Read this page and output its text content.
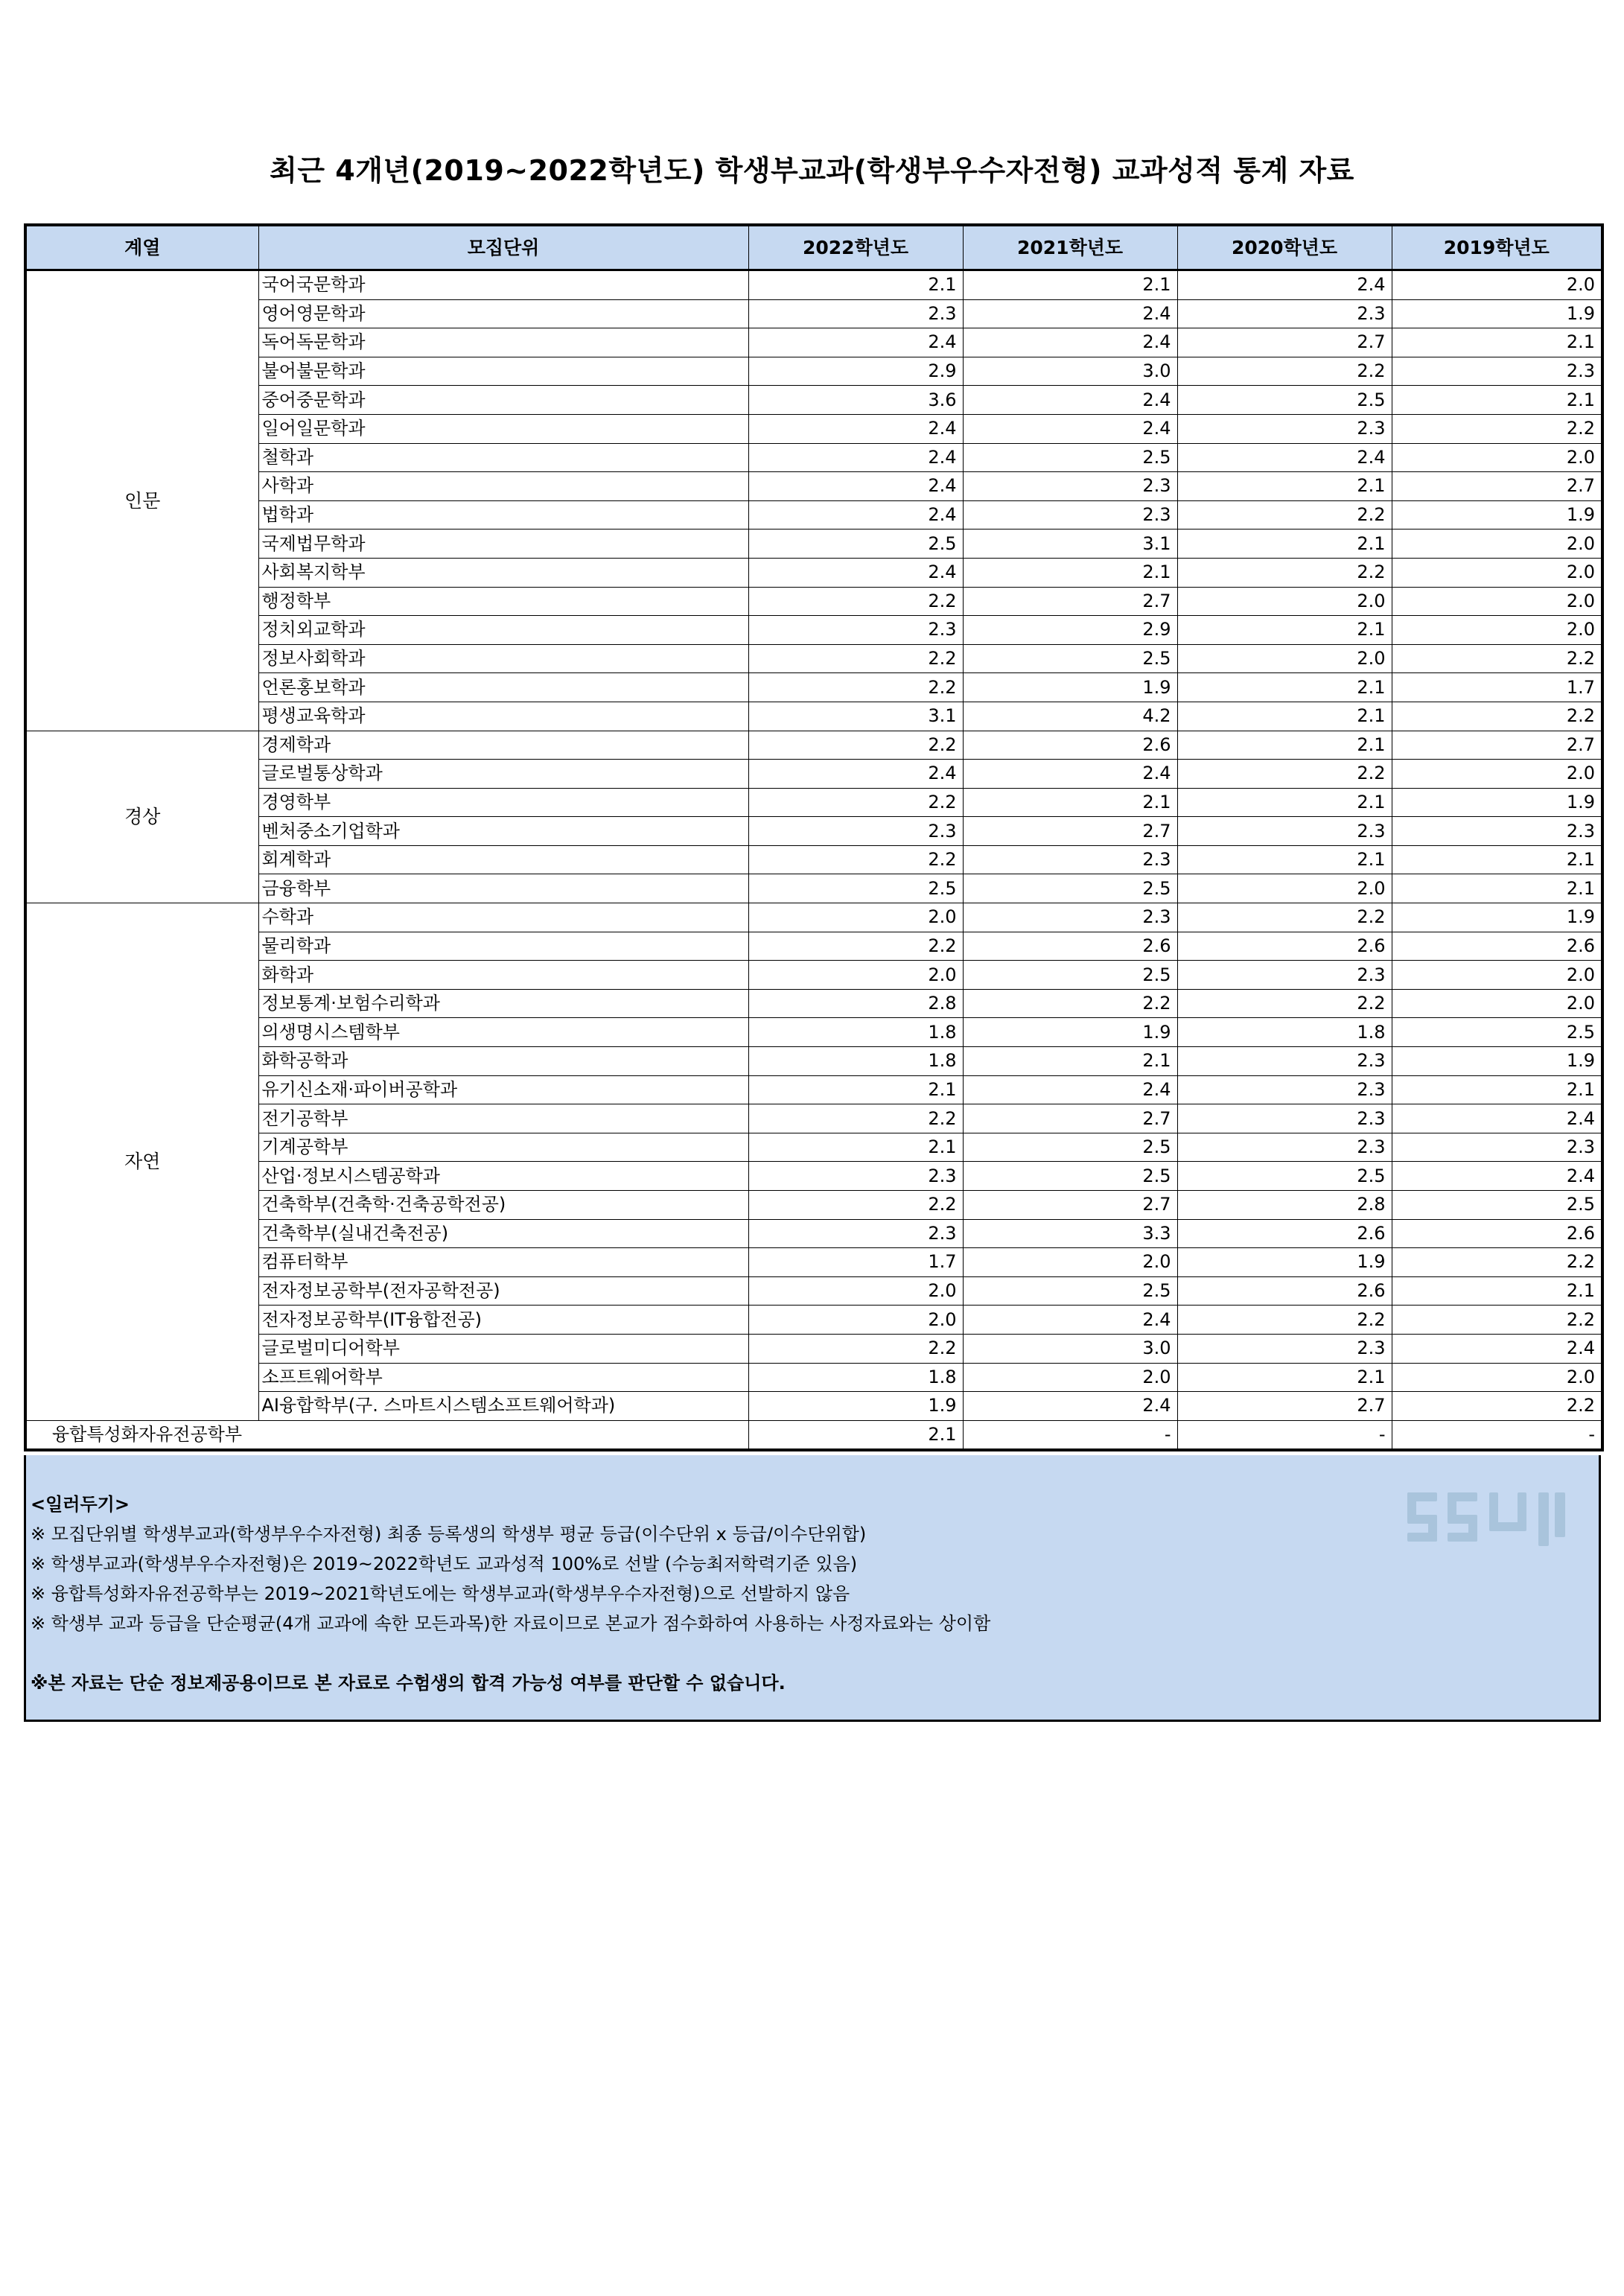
최근 4개년(2019~2022학년도) 학생부교과(학생부우수자전형) 교과성적 통계 자료
계열	모집단위	2022학년도	2021학년도	2020학년도	2019학년도
인문	국어국문학과	2.1	2.1	2.4	2.0
	영어영문학과	2.3	2.4	2.3	1.9
	독어독문학과	2.4	2.4	2.7	2.1
	불어불문학과	2.9	3.0	2.2	2.3
	중어중문학과	3.6	2.4	2.5	2.1
	일어일문학과	2.4	2.4	2.3	2.2
	철학과	2.4	2.5	2.4	2.0
	사학과	2.4	2.3	2.1	2.7
	법학과	2.4	2.3	2.2	1.9
	국제법무학과	2.5	3.1	2.1	2.0
	사회복지학부	2.4	2.1	2.2	2.0
	행정학부	2.2	2.7	2.0	2.0
	정치외교학과	2.3	2.9	2.1	2.0
	정보사회학과	2.2	2.5	2.0	2.2
	언론홍보학과	2.2	1.9	2.1	1.7
	평생교육학과	3.1	4.2	2.1	2.2
경상	경제학과	2.2	2.6	2.1	2.7
	글로벌통상학과	2.4	2.4	2.2	2.0
	경영학부	2.2	2.1	2.1	1.9
	벤처중소기업학과	2.3	2.7	2.3	2.3
	회계학과	2.2	2.3	2.1	2.1
	금융학부	2.5	2.5	2.0	2.1
자연	수학과	2.0	2.3	2.2	1.9
	물리학과	2.2	2.6	2.6	2.6
	화학과	2.0	2.5	2.3	2.0
	정보통계·보험수리학과	2.8	2.2	2.2	2.0
	의생명시스템학부	1.8	1.9	1.8	2.5
	화학공학과	1.8	2.1	2.3	1.9
	유기신소재·파이버공학과	2.1	2.4	2.3	2.1
	전기공학부	2.2	2.7	2.3	2.4
	기계공학부	2.1	2.5	2.3	2.3
	산업·정보시스템공학과	2.3	2.5	2.5	2.4
	건축학부(건축학·건축공학전공)	2.2	2.7	2.8	2.5
	건축학부(실내건축전공)	2.3	3.3	2.6	2.6
	컴퓨터학부	1.7	2.0	1.9	2.2
	전자정보공학부(전자공학전공)	2.0	2.5	2.6	2.1
	전자정보공학부(IT융합전공)	2.0	2.4	2.2	2.2
	글로벌미디어학부	2.2	3.0	2.3	2.4
	소프트웨어학부	1.8	2.0	2.1	2.0
	AI융합학부(구. 스마트시스템소프트웨어학과)	1.9	2.4	2.7	2.2
융합특성화자유전공학부		2.1	-	-	-
<일러두기>
※ 모집단위별 학생부교과(학생부우수자전형) 최종 등록생의 학생부 평균 등급(이수단위 x 등급/이수단위합)
※ 학생부교과(학생부우수자전형)은 2019~2022학년도 교과성적 100%로 선발 (수능최저학력기준 있음)
※ 융합특성화자유전공학부는 2019~2021학년도에는 학생부교과(학생부우수자전형)으로 선발하지 않음
※ 학생부 교과 등급을 단순평균(4개 교과에 속한 모든과목)한 자료이므로 본교가 점수화하여 사용하는 사정자료와는 상이함
※본 자료는 단순 정보제공용이므로 본 자료로 수험생의 합격 가능성 여부를 판단할 수 없습니다.
